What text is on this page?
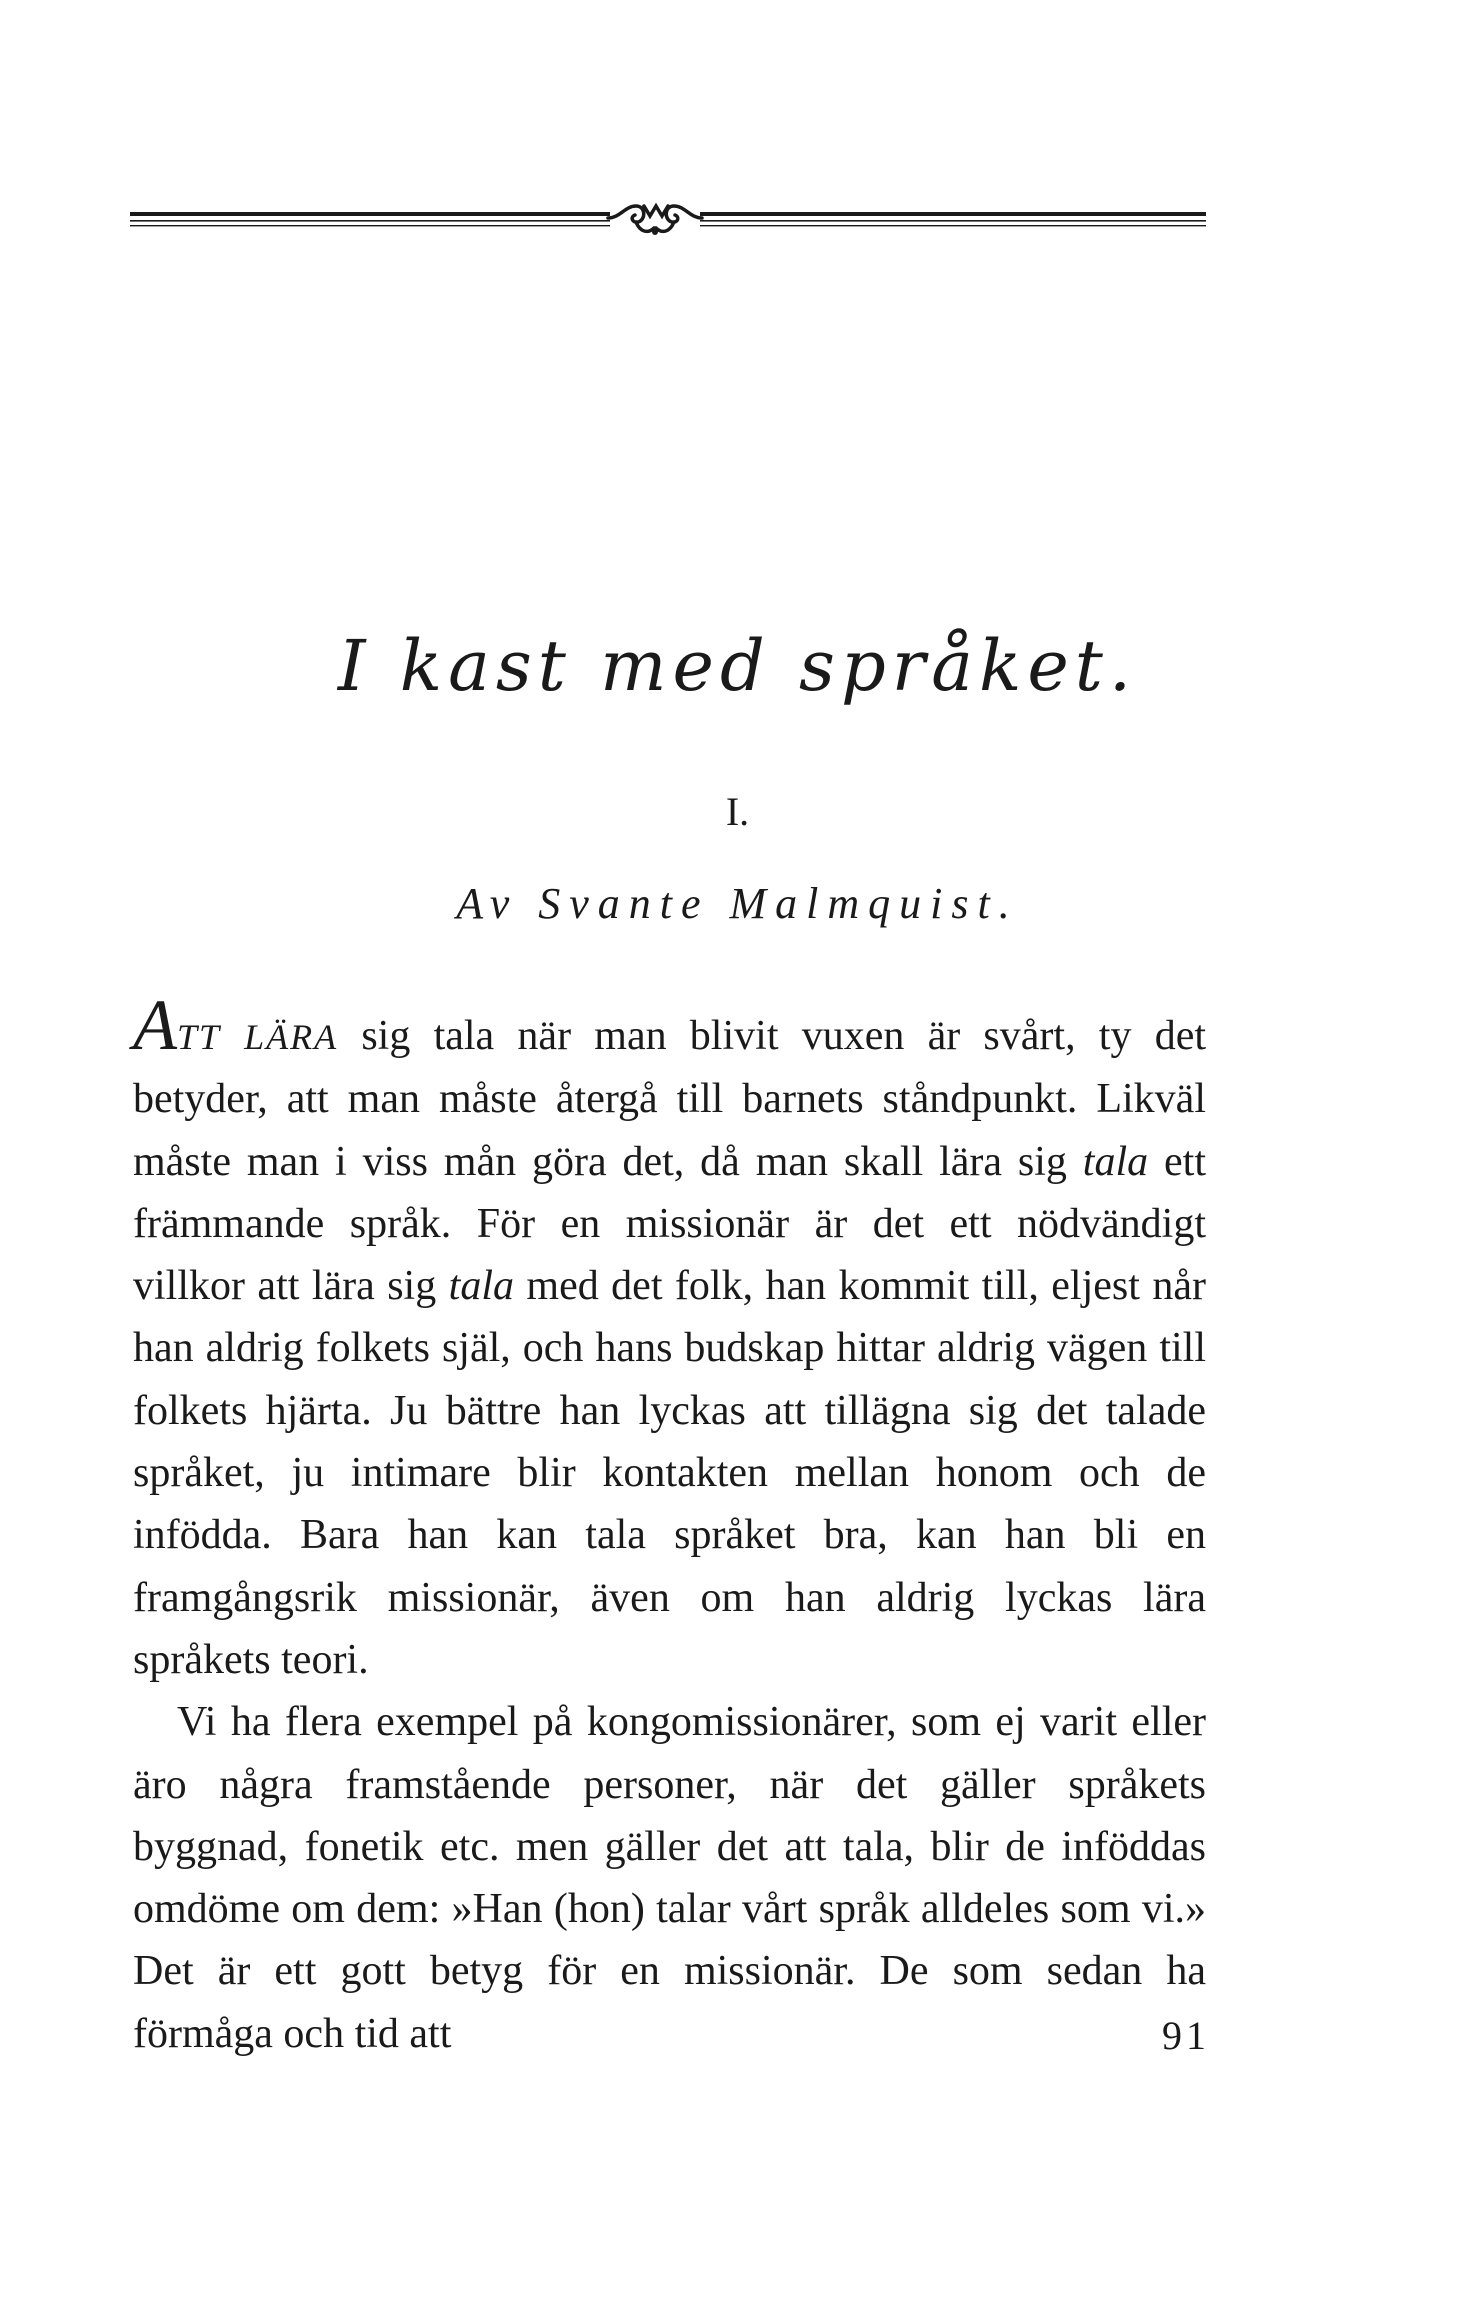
I kast med språket.
I.
Av Svante Malmquist.

ATT LÄRA sig tala när man blivit vuxen är svårt, ty det betyder, att man måste återgå till barnets ståndpunkt. Likväl måste man i viss mån göra det, då man skall lära sig tala ett främmande språk. För en missionär är det ett nödvändigt villkor att lära sig tala med det folk, han kommit till, eljest når han aldrig folkets själ, och hans budskap hittar aldrig vägen till folkets hjärta. Ju bättre han lyckas att tillägna sig det talade språket, ju intimare blir kontakten mellan honom och de infödda. Bara han kan tala språket bra, kan han bli en framgångsrik missionär, även om han aldrig lyckas lära språkets teori.

Vi ha flera exempel på kongomissionärer, som ej varit eller äro några framstående personer, när det gäller språkets byggnad, fonetik etc. men gäller det att tala, blir de inföddas omdöme om dem: »Han (hon) talar vårt språk alldeles som vi.» Det är ett gott betyg för en missionär. De som sedan ha förmåga och tid att	91
